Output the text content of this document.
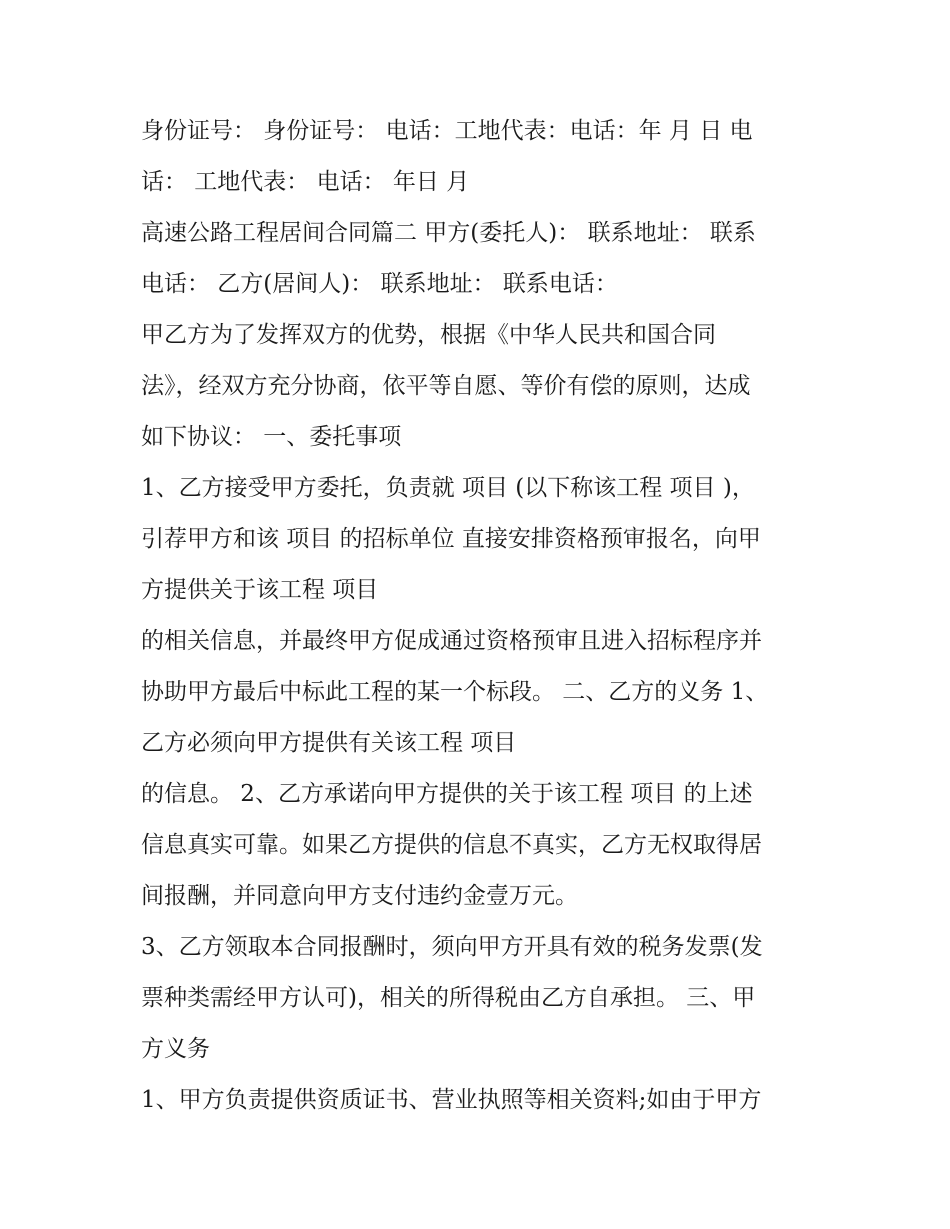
身份证号： 身份证号： 电话：工地代表：电话：年 月 日 电
话： 工地代表： 电话： 年日 月
高速公路工程居间合同篇二 甲方(委托人)： 联系地址： 联系
电话： 乙方(居间人)： 联系地址： 联系电话：
甲乙方为了发挥双方的优势，根据《中华人民共和国合同
法》，经双方充分协商，依平等自愿、等价有偿的原则，达成
如下协议： 一、委托事项
1、乙方接受甲方委托，负责就 项目 (以下称该工程 项目 )，
引荐甲方和该 项目 的招标单位 直接安排资格预审报名，向甲
方提供关于该工程 项目
的相关信息，并最终甲方促成通过资格预审且进入招标程序并
协助甲方最后中标此工程的某一个标段。 二、乙方的义务 1、
乙方必须向甲方提供有关该工程 项目
的信息。 2、乙方承诺向甲方提供的关于该工程 项目 的上述
信息真实可靠。如果乙方提供的信息不真实，乙方无权取得居
间报酬，并同意向甲方支付违约金壹万元。
3、乙方领取本合同报酬时，须向甲方开具有效的税务发票(发
票种类需经甲方认可)，相关的所得税由乙方自承担。 三、甲
方义务
1、甲方负责提供资质证书、营业执照等相关资料;如由于甲方
